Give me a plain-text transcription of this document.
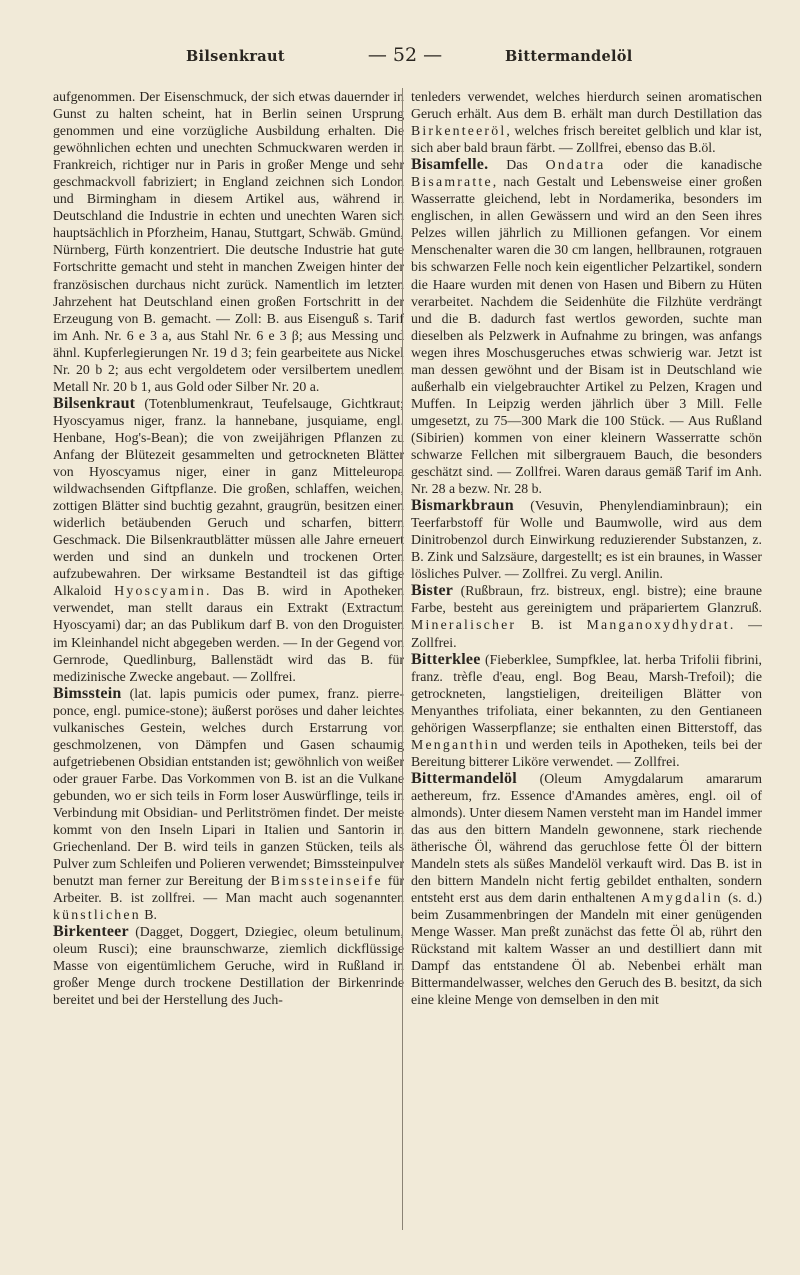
Bilsenkraut	— 52 —	Bittermandelöl

aufgenommen. Der Eisenschmuck, der sich etwas dauernder in Gunst zu halten scheint, hat in Berlin seinen Ursprung genommen und eine vorzügliche Ausbildung erhalten. Die gewöhnlichen echten und unechten Schmuckwaren werden in Frankreich, richtiger nur in Paris in großer Menge und sehr geschmackvoll fabriziert; in England zeichnen sich London und Birmingham in diesem Artikel aus, während in Deutschland die Industrie in echten und unechten Waren sich hauptsächlich in Pforzheim, Hanau, Stuttgart, Schwäb. Gmünd, Nürnberg, Fürth konzentriert. Die deutsche Industrie hat gute Fortschritte gemacht und steht in manchen Zweigen hinter der französischen durchaus nicht zurück. Namentlich im letzten Jahrzehent hat Deutschland einen großen Fortschritt in der Erzeugung von B. gemacht. — Zoll: B. aus Eisenguß s. Tarif im Anh. Nr. 6 e 3 a, aus Stahl Nr. 6 e 3 β; aus Messing und ähnl. Kupferlegierungen Nr. 19 d 3; fein gearbeitete aus Nickel Nr. 20 b 2; aus echt vergoldetem oder versilbertem unedlem Metall Nr. 20 b 1, aus Gold oder Silber Nr. 20 a.

Bilsenkraut (Totenblumenkraut, Teufelsauge, Gichtkraut; Hyoscyamus niger, franz. la hannebane, jusquiame, engl. Henbane, Hog's-Bean); die von zweijährigen Pflanzen zu Anfang der Blütezeit gesammelten und getrockneten Blätter von Hyoscyamus niger, einer in ganz Mitteleuropa wildwachsenden Giftpflanze. Die großen, schlaffen, weichen, zottigen Blätter sind buchtig gezahnt, graugrün, besitzen einen widerlich betäubenden Geruch und scharfen, bittern Geschmack. Die Bilsenkrautblätter müssen alle Jahre erneuert werden und sind an dunkeln und trockenen Orten aufzubewahren. Der wirksame Bestandteil ist das giftige Alkaloid Hyoscyamin. Das B. wird in Apotheken verwendet, man stellt daraus ein Extrakt (Extractum Hyoscyami) dar; an das Publikum darf B. von den Droguisten im Kleinhandel nicht abgegeben werden. — In der Gegend von Gernrode, Quedlinburg, Ballenstädt wird das B. für medizinische Zwecke angebaut. — Zollfrei.

Bimsstein (lat. lapis pumicis oder pumex, franz. pierre-ponce, engl. pumice-stone); äußerst poröses und daher leichtes vulkanisches Gestein, welches durch Erstarrung von geschmolzenen, von Dämpfen und Gasen schaumig aufgetriebenen Obsidian entstanden ist; gewöhnlich von weißer oder grauer Farbe. Das Vorkommen von B. ist an die Vulkane gebunden, wo er sich teils in Form loser Auswürflinge, teils in Verbindung mit Obsidian- und Perlitströmen findet. Der meiste kommt von den Inseln Lipari in Italien und Santorin in Griechenland. Der B. wird teils in ganzen Stücken, teils als Pulver zum Schleifen und Polieren verwendet; Bimssteinpulver benutzt man ferner zur Bereitung der Bimssteinseife für Arbeiter. B. ist zollfrei. — Man macht auch sogenannten künstlichen B.

Birkenteer (Dagget, Doggert, Dziegiec, oleum betulinum, oleum Rusci); eine braunschwarze, ziemlich dickflüssige Masse von eigentümlichem Geruche, wird in Rußland in großer Menge durch trockene Destillation der Birkenrinde bereitet und bei der Herstellung des Juch-

tenleders verwendet, welches hierdurch seinen aromatischen Geruch erhält. Aus dem B. erhält man durch Destillation das Birkenteeröl, welches frisch bereitet gelblich und klar ist, sich aber bald braun färbt. — Zollfrei, ebenso das B.öl.

Bisamfelle. Das Ondatra oder die kanadische Bisamratte, nach Gestalt und Lebensweise einer großen Wasserratte gleichend, lebt in Nordamerika, besonders im englischen, in allen Gewässern und wird an den Seen ihres Pelzes willen jährlich zu Millionen gefangen. Vor einem Menschenalter waren die 30 cm langen, hellbraunen, rotgrauen bis schwarzen Felle noch kein eigentlicher Pelzartikel, sondern die Haare wurden mit denen von Hasen und Bibern zu Hüten verarbeitet. Nachdem die Seidenhüte die Filzhüte verdrängt und die B. dadurch fast wertlos geworden, suchte man dieselben als Pelzwerk in Aufnahme zu bringen, was anfangs wegen ihres Moschusgeruches etwas schwierig war. Jetzt ist man dessen gewöhnt und der Bisam ist in Deutschland wie außerhalb ein vielgebrauchter Artikel zu Pelzen, Kragen und Muffen. In Leipzig werden jährlich über 3 Mill. Felle umgesetzt, zu 75—300 Mark die 100 Stück. — Aus Rußland (Sibirien) kommen von einer kleinern Wasserratte schön schwarze Fellchen mit silbergrauem Bauch, die besonders geschätzt sind. — Zollfrei. Waren daraus gemäß Tarif im Anh. Nr. 28 a bezw. Nr. 28 b.

Bismarkbraun (Vesuvin, Phenylendiaminbraun); ein Teerfarbstoff für Wolle und Baumwolle, wird aus dem Dinitrobenzol durch Einwirkung reduzierender Substanzen, z. B. Zink und Salzsäure, dargestellt; es ist ein braunes, in Wasser lösliches Pulver. — Zollfrei. Zu vergl. Anilin.

Bister (Rußbraun, frz. bistreux, engl. bistre); eine braune Farbe, besteht aus gereinigtem und präpariertem Glanzruß. Mineralischer B. ist Manganoxydhydrat. — Zollfrei.

Bitterklee (Fieberklee, Sumpfklee, lat. herba Trifolii fibrini, franz. trèfle d'eau, engl. Bog Beau, Marsh-Trefoil); die getrockneten, langstieligen, dreiteiligen Blätter von Menyanthes trifoliata, einer bekannten, zu den Gentianeen gehörigen Wasserpflanze; sie enthalten einen Bitterstoff, das Menganthin und werden teils in Apotheken, teils bei der Bereitung bitterer Liköre verwendet. — Zollfrei.

Bittermandelöl (Oleum Amygdalarum amararum aethereum, frz. Essence d'Amandes amères, engl. oil of almonds). Unter diesem Namen versteht man im Handel immer das aus den bittern Mandeln gewonnene, stark riechende ätherische Öl, während das geruchlose fette Öl der bittern Mandeln stets als süßes Mandelöl verkauft wird. Das B. ist in den bittern Mandeln nicht fertig gebildet enthalten, sondern entsteht erst aus dem darin enthaltenen Amygdalin (s. d.) beim Zusammenbringen der Mandeln mit einer genügenden Menge Wasser. Man preßt zunächst das fette Öl ab, rührt den Rückstand mit kaltem Wasser an und destilliert dann mit Dampf das entstandene Öl ab. Nebenbei erhält man Bittermandelwasser, welches den Geruch des B. besitzt, da sich eine kleine Menge von demselben in den mit
